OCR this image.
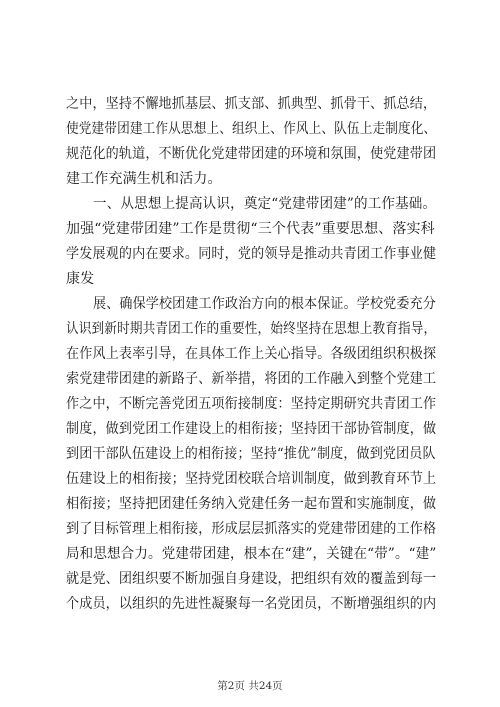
之中，坚持不懈地抓基层、抓支部、抓典型、抓骨干、抓总结，
使党建带团建工作从思想上、组织上、作风上、队伍上走制度化、
规范化的轨道，不断优化党建带团建的环境和氛围，使党建带团
建工作充满生机和活力。
一、从思想上提高认识，奠定“党建带团建”的工作基础。
加强“党建带团建”工作是贯彻“三个代表”重要思想、落实科
学发展观的内在要求。同时，党的领导是推动共青团工作事业健
康发
展、确保学校团建工作政治方向的根本保证。学校党委充分
认识到新时期共青团工作的重要性，始终坚持在思想上教育指导，
在作风上表率引导，在具体工作上关心指导。各级团组织积极探
索党建带团建的新路子、新举措，将团的工作融入到整个党建工
作之中，不断完善党团五项衔接制度：坚持定期研究共青团工作
制度，做到党团工作建设上的相衔接；坚持团干部协管制度，做
到团干部队伍建设上的相衔接；坚持“推优”制度，做到党团员队
伍建设上的相衔接；坚持党团校联合培训制度，做到教育环节上
相衔接；坚持把团建任务纳入党建任务一起布置和实施制度，做
到了目标管理上相衔接，形成层层抓落实的党建带团建的工作格
局和思想合力。党建带团建，根本在“建”，关键在“带”。“建”
就是党、团组织要不断加强自身建设，把组织有效的覆盖到每一
个成员，以组织的先进性凝聚每一名党团员，不断增强组织的内
第2页 共24页
